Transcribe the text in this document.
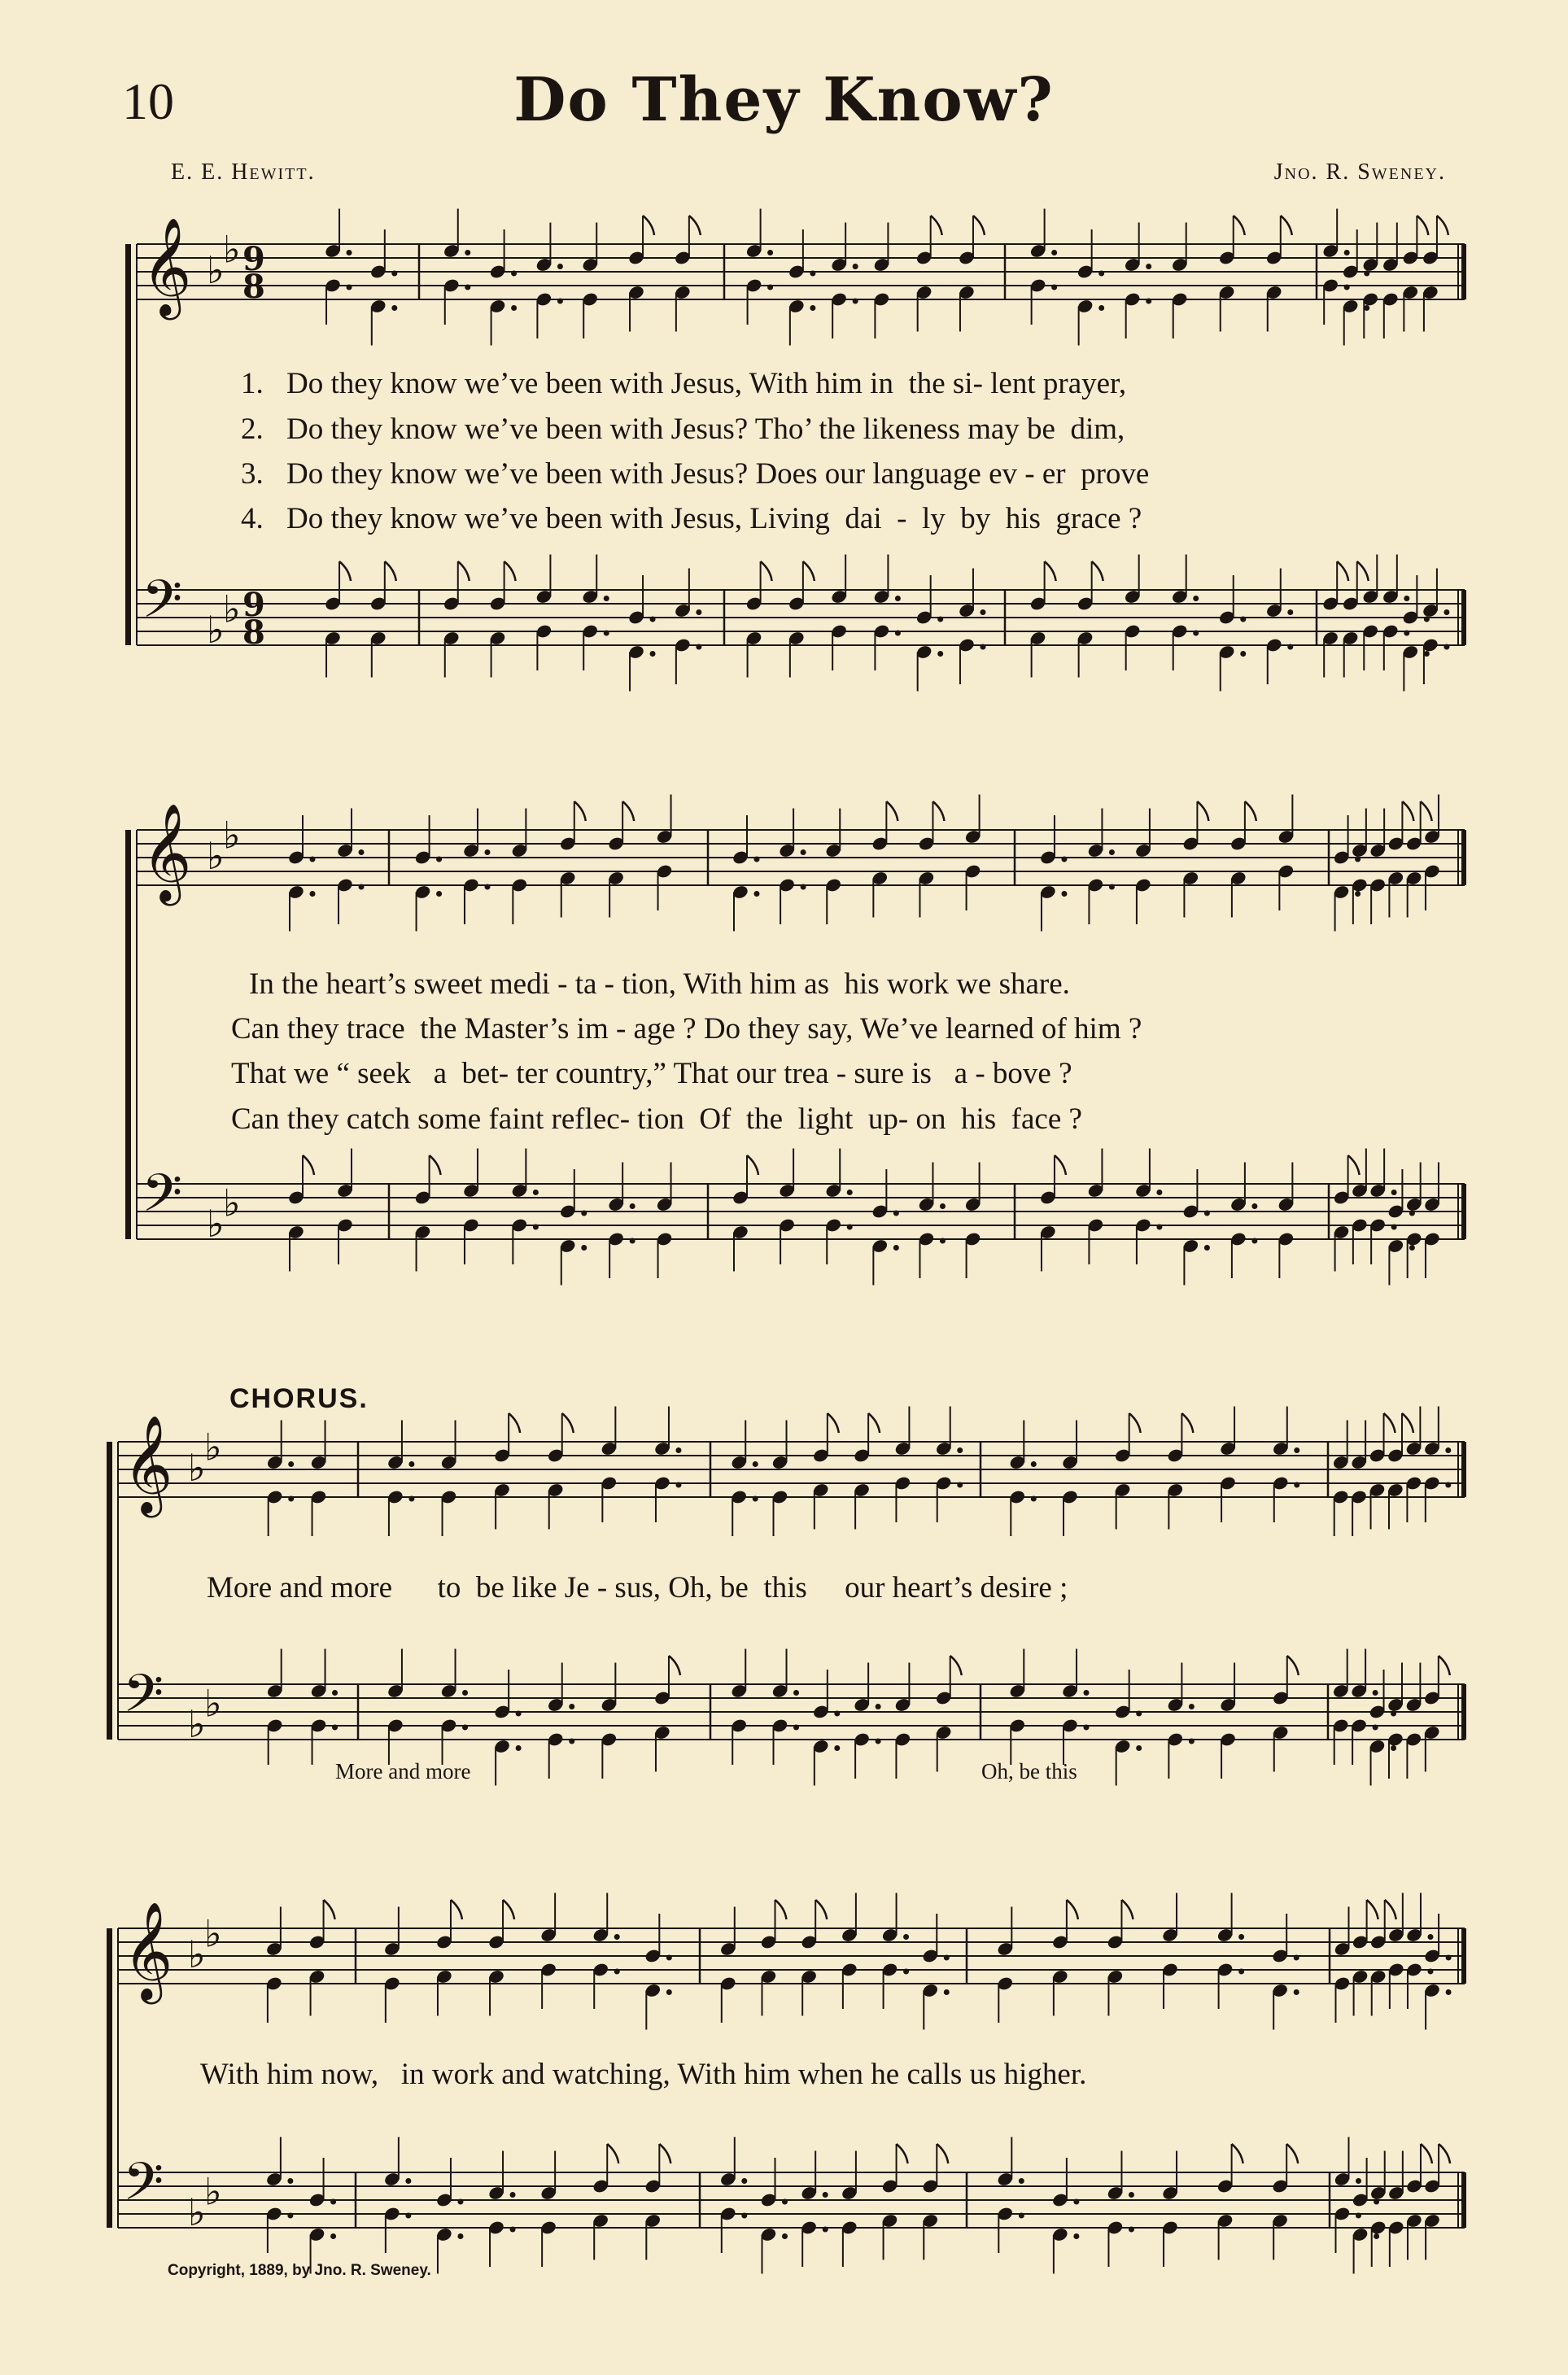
10	Do They Know?
E. E. Hewitt.	Jno. R. Sweney.
𝄞 ♭
♭ 9
8
𝄢 ♭
♭ 9
8
𝄞 ♭
♭
𝄢 ♭
♭
𝄞 ♭
♭
𝄢 ♭
♭
𝄞 ♭
♭
𝄢 ♭
♭
1. Do they know we’ve been with Jesus, With him in  the si- lent prayer,
2. Do they know we’ve been with Jesus? Tho’ the likeness may be  dim,
3. Do they know we’ve been with Jesus? Does our language ev - er  prove
4. Do they know we’ve been with Jesus, Living  dai  -  ly  by  his  grace ?
In the heart’s sweet medi - ta - tion, With him as  his work we share.
Can they trace  the Master’s im - age ? Do they say, We’ve learned of him ?
That we “ seek   a  bet- ter country,” That our trea - sure is   a - bove ?
Can they catch some faint reflec- tion  Of  the  light  up- on  his  face ?
CHORUS.
More and more      to  be like Je - sus, Oh, be  this     our heart’s desire ;
More and more	Oh, be this
With him now,   in work and watching, With him when he calls us higher.
Copyright, 1889, by Jno. R. Sweney.
